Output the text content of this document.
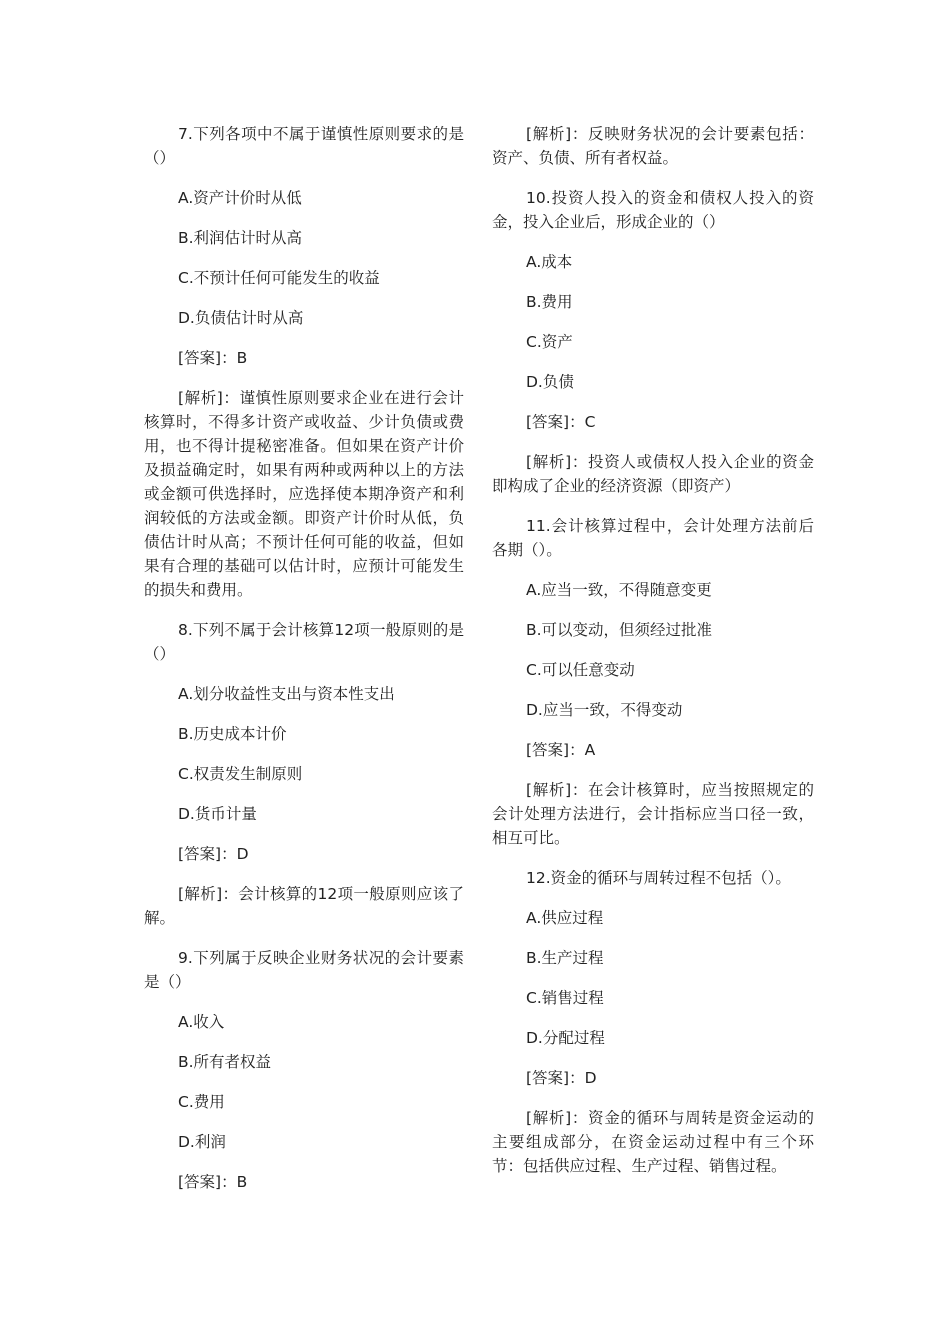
7.下列各项中不属于谨慎性原则要求的是（）

A.资产计价时从低

B.利润估计时从高

C.不预计任何可能发生的收益

D.负债估计时从高

[答案]：B

[解析]：谨慎性原则要求企业在进行会计核算时，不得多计资产或收益、少计负债或费用，也不得计提秘密准备。但如果在资产计价及损益确定时，如果有两种或两种以上的方法或金额可供选择时，应选择使本期净资产和利润较低的方法或金额。即资产计价时从低，负债估计时从高；不预计任何可能的收益，但如果有合理的基础可以估计时，应预计可能发生的损失和费用。

8.下列不属于会计核算12项一般原则的是（）

A.划分收益性支出与资本性支出

B.历史成本计价

C.权责发生制原则

D.货币计量

[答案]：D

[解析]：会计核算的12项一般原则应该了解。

9.下列属于反映企业财务状况的会计要素是（）

A.收入

B.所有者权益

C.费用

D.利润

[答案]：B

[解析]：反映财务状况的会计要素包括：资产、负债、所有者权益。

10.投资人投入的资金和债权人投入的资金，投入企业后，形成企业的（）

A.成本

B.费用

C.资产

D.负债

[答案]：C

[解析]：投资人或债权人投入企业的资金即构成了企业的经济资源（即资产）

11.会计核算过程中，会计处理方法前后各期（）。

A.应当一致，不得随意变更

B.可以变动，但须经过批准

C.可以任意变动

D.应当一致，不得变动

[答案]：A

[解析]：在会计核算时，应当按照规定的会计处理方法进行，会计指标应当口径一致，相互可比。

12.资金的循环与周转过程不包括（）。

A.供应过程

B.生产过程

C.销售过程

D.分配过程

[答案]：D

[解析]：资金的循环与周转是资金运动的主要组成部分，在资金运动过程中有三个环节：包括供应过程、生产过程、销售过程。
